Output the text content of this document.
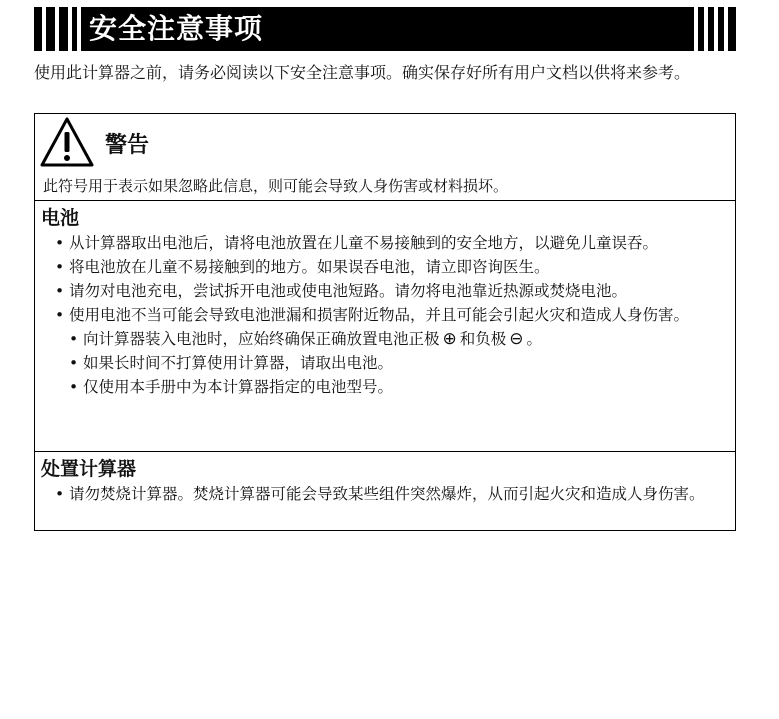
安全注意事项
使用此计算器之前，请务必阅读以下安全注意事项。确实保存好所有用户文档以供将来参考。
警告
此符号用于表示如果忽略此信息，则可能会导致人身伤害或材料损坏。
电池
• 从计算器取出电池后，请将电池放置在儿童不易接触到的安全地方，以避免儿童误吞。
• 将电池放在儿童不易接触到的地方。如果误吞电池，请立即咨询医生。
• 请勿对电池充电，尝试拆开电池或使电池短路。请勿将电池靠近热源或焚烧电池。
• 使用电池不当可能会导致电池泄漏和损害附近物品，并且可能会引起火灾和造成人身伤害。
• 向计算器装入电池时，应始终确保正确放置电池正极 ⊕ 和负极 ⊖ 。
• 如果长时间不打算使用计算器，请取出电池。
• 仅使用本手册中为本计算器指定的电池型号。
处置计算器
• 请勿焚烧计算器。焚烧计算器可能会导致某些组件突然爆炸，从而引起火灾和造成人身伤害。
